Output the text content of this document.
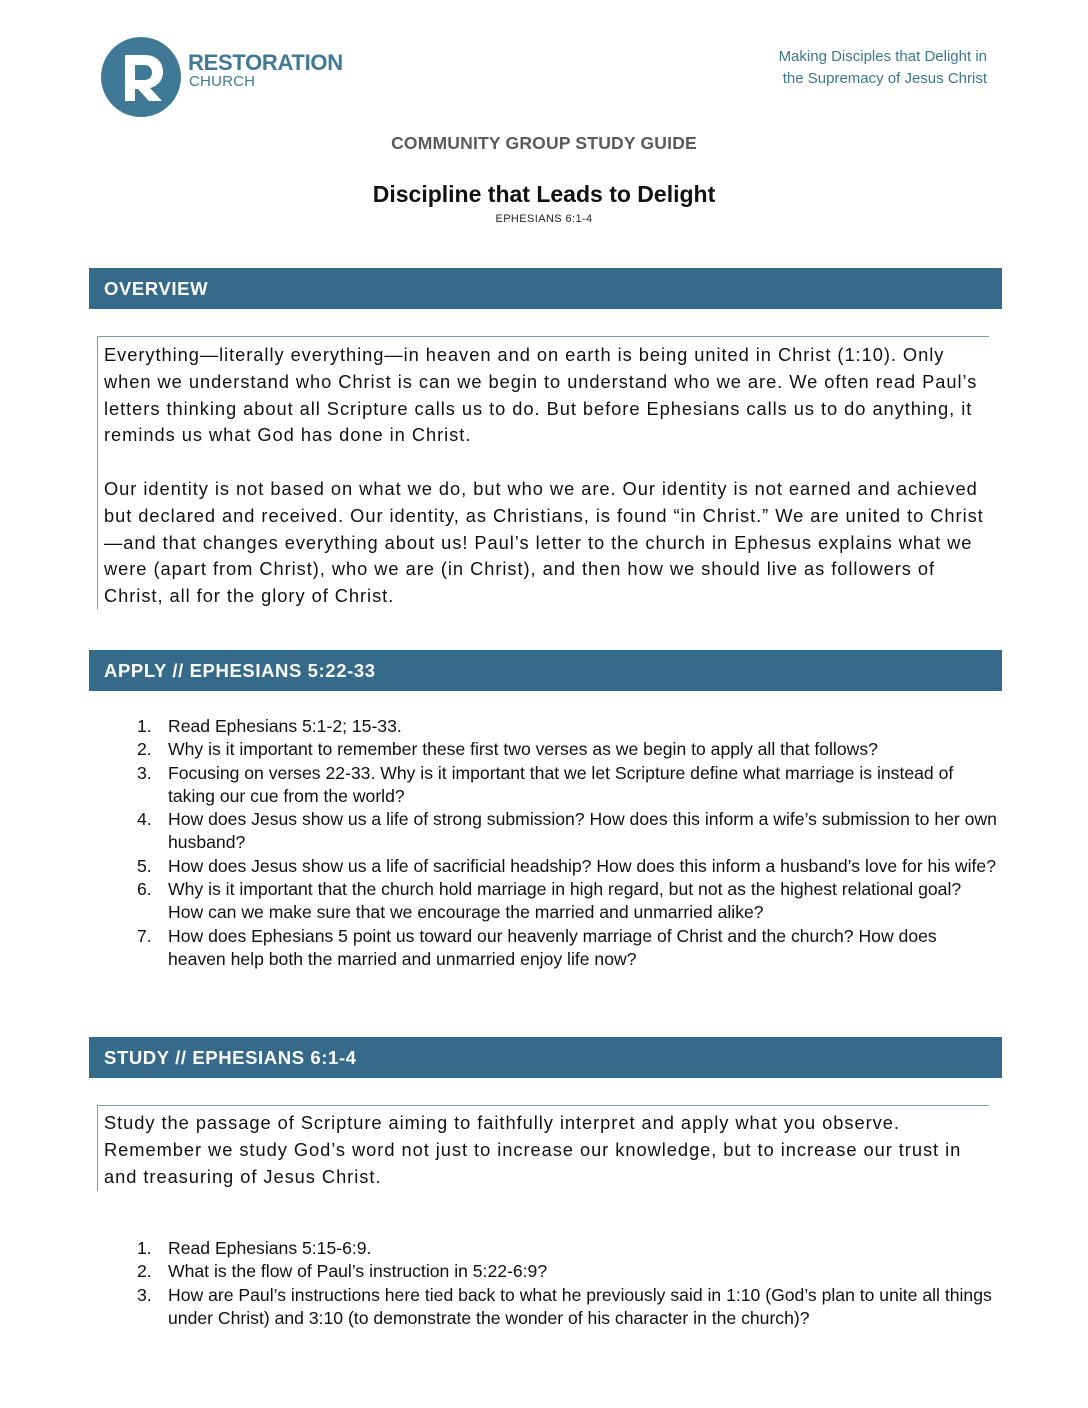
RESTORATION
CHURCH
Making Disciples that Delight in
the Supremacy of Jesus Christ
COMMUNITY GROUP STUDY GUIDE
Discipline that Leads to Delight
EPHESIANS 6:1-4
OVERVIEW

Everything—literally everything—in heaven and on earth is being united in Christ (1:10). Only when we understand who Christ is can we begin to understand who we are. We often read Paul’s letters thinking about all Scripture calls us to do. But before Ephesians calls us to do anything, it reminds us what God has done in Christ.

Our identity is not based on what we do, but who we are. Our identity is not earned and achieved but declared and received. Our identity, as Christians, is found “in Christ.” We are united to Christ—and that changes everything about us! Paul’s letter to the church in Ephesus explains what we were (apart from Christ), who we are (in Christ), and then how we should live as followers of Christ, all for the glory of Christ.

APPLY // EPHESIANS 5:22-33
1. Read Ephesians 5:1-2; 15-33.
2. Why is it important to remember these first two verses as we begin to apply all that follows?
3. Focusing on verses 22-33. Why is it important that we let Scripture define what marriage is instead of taking our cue from the world?
4. How does Jesus show us a life of strong submission? How does this inform a wife’s submission to her own husband?
5. How does Jesus show us a life of sacrificial headship? How does this inform a husband’s love for his wife?
6. Why is it important that the church hold marriage in high regard, but not as the highest relational goal? How can we make sure that we encourage the married and unmarried alike?
7. How does Ephesians 5 point us toward our heavenly marriage of Christ and the church? How does heaven help both the married and unmarried enjoy life now?
STUDY // EPHESIANS 6:1-4

Study the passage of Scripture aiming to faithfully interpret and apply what you observe. Remember we study God’s word not just to increase our knowledge, but to increase our trust in and treasuring of Jesus Christ.

1. Read Ephesians 5:15-6:9.
2. What is the flow of Paul’s instruction in 5:22-6:9?
3. How are Paul’s instructions here tied back to what he previously said in 1:10 (God’s plan to unite all things under Christ) and 3:10 (to demonstrate the wonder of his character in the church)?
